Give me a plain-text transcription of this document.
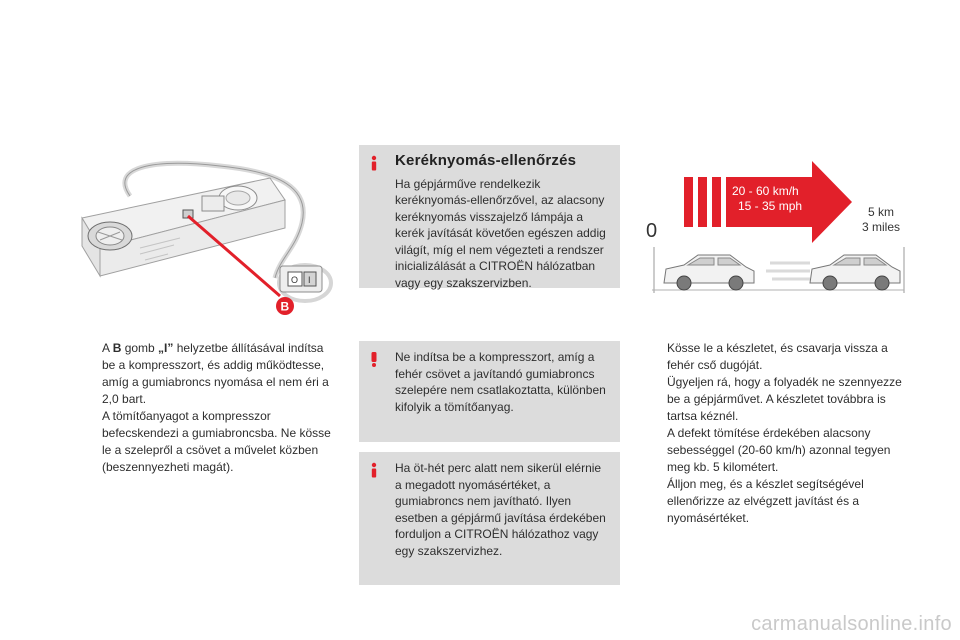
O I
B
Keréknyomás-ellenőrzés
Ha gépjárműve rendelkezik keréknyomás-ellenőrzővel, az alacsony keréknyomás visszajelző lámpája a kerék javítását követően egészen addig világít, míg el nem végezteti a rendszer inicializálását a CITROËN hálózatban vagy egy szakszervizben.
20 - 60 km/h
15 - 35 mph
0
5 km
3 miles

A B gomb „I” helyzetbe állításával indítsa be a kompresszort, és addig működtesse, amíg a gumiabroncs nyomása el nem éri a 2,0 bart.

A tömítőanyagot a kompresszor befecskendezi a gumiabroncsba. Ne kösse le a szelepről a csövet a művelet közben (beszennyezheti magát).

Ne indítsa be a kompresszort, amíg a fehér csövet a javítandó gumiabroncs szelepére nem csatlakoztatta, különben kifolyik a tömítőanyag.
Ha öt-hét perc alatt nem sikerül elérnie a megadott nyomásértéket, a gumiabroncs nem javítható. Ilyen esetben a gépjármű javítása érdekében forduljon a CITROËN hálózathoz vagy egy szakszervizhez.

Kösse le a készletet, és csavarja vissza a fehér cső dugóját.

Ügyeljen rá, hogy a folyadék ne szennyezze be a gépjárművet. A készletet továbbra is tartsa kéznél.

A defekt tömítése érdekében alacsony sebességgel (20-60 km/h) azonnal tegyen meg kb. 5 kilométert.

Álljon meg, és a készlet segítségével ellenőrizze az elvégzett javítást és a nyomásértéket.

carmanualsonline.info
